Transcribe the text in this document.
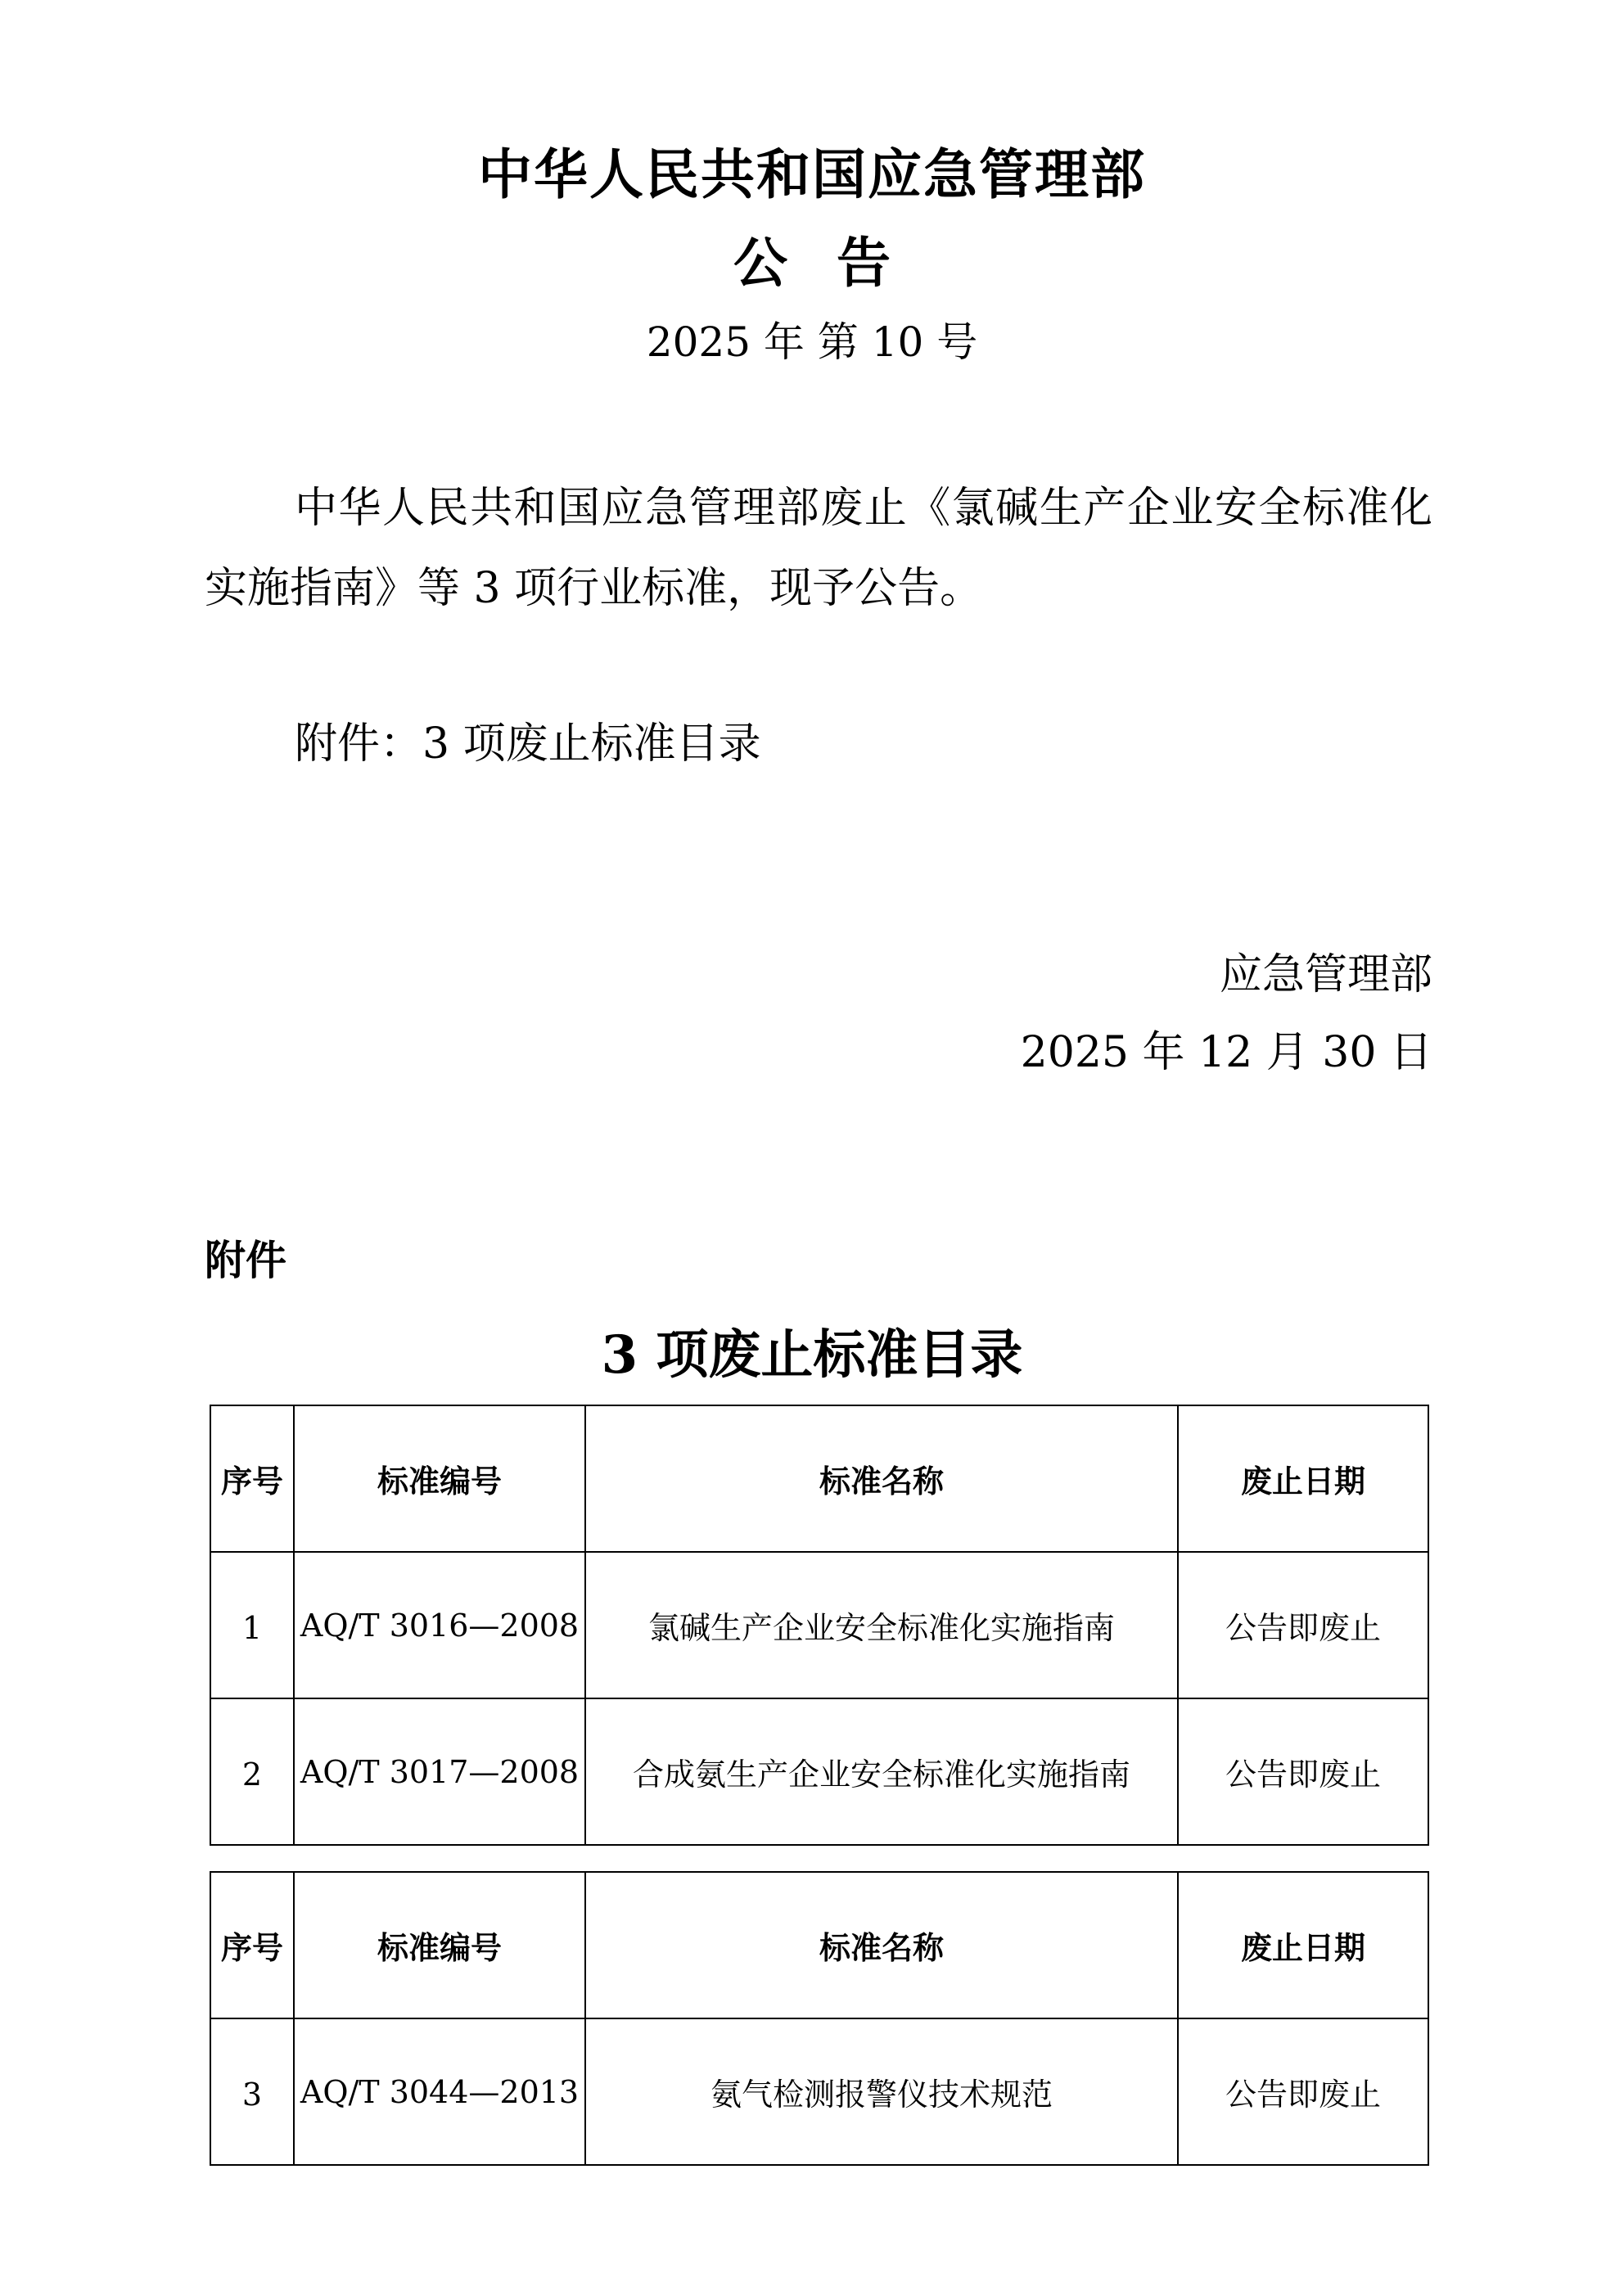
中华人民共和国应急管理部
公告
2025 年 第 10 号
中华人民共和国应急管理部废止《氯碱生产企业安全标准化实施指南》等 3 项行业标准，现予公告。
附件：3 项废止标准目录
应急管理部
2025 年 12 月 30 日
附件
3 项废止标准目录
序号	标准编号	标准名称	废止日期
1	AQ/T 3016—2008	氯碱生产企业安全标准化实施指南	公告即废止
2	AQ/T 3017—2008	合成氨生产企业安全标准化实施指南	公告即废止
序号	标准编号	标准名称	废止日期
3	AQ/T 3044—2013	氨气检测报警仪技术规范	公告即废止
